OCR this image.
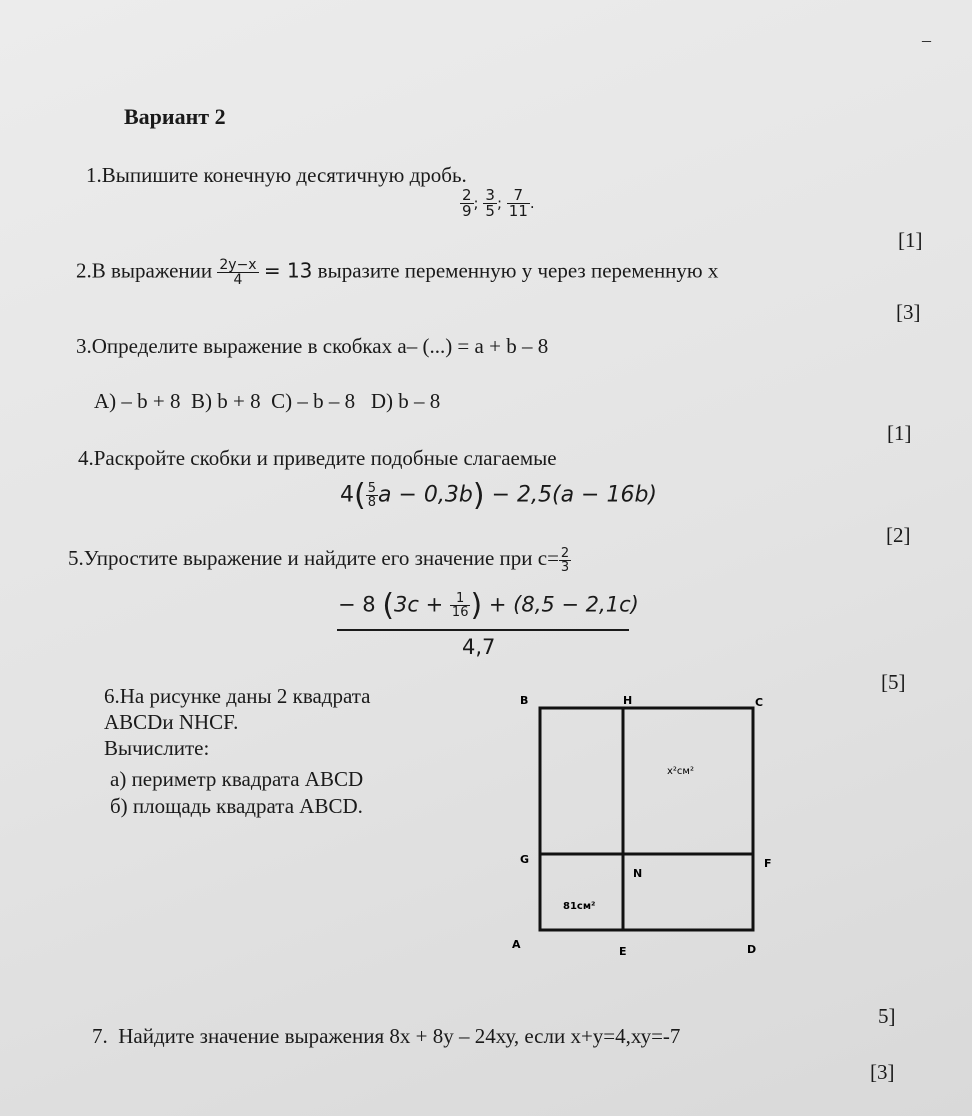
–
Вариант 2
1.Выпишите конечную десятичную дробь.
$\frac{2}{9}$ ; $\frac{3}{5}$ ; $\frac{7}{11}$ .
[1]
2.В выражении $\frac{2y-x}{4} = 13$ выразите переменную у через переменную х
[3]
3.Определите выражение в скобках а– (...) = а + b – 8
A) – b + 8  B) b + 8  C) – b – 8   D) b – 8
[1]
4.Раскройте скобки и приведите подобные слагаемые
$4( \frac{5}{8}$ a − 0,3b) − 2,5(a − 16b)
[2]
5.Упростите выражение и найдите его значение при $с= \frac{2}{3}$
− 8 ($3c + \frac{1}{16}$ ) + (8,5 − 2,1c)
4,7
[5]
6.На рисунке даны 2 квадрата
ABCDи NHCF.
Вычислите:
а) периметр квадрата ABCD
б) площадь квадрата ABCD.
B	H	C
G	F
N
A
E	D
x²см²
81см²
5]
7.  Найдите значение выражения 8х + 8у – 24ху, если х+у=4,ху=-7
[3]
